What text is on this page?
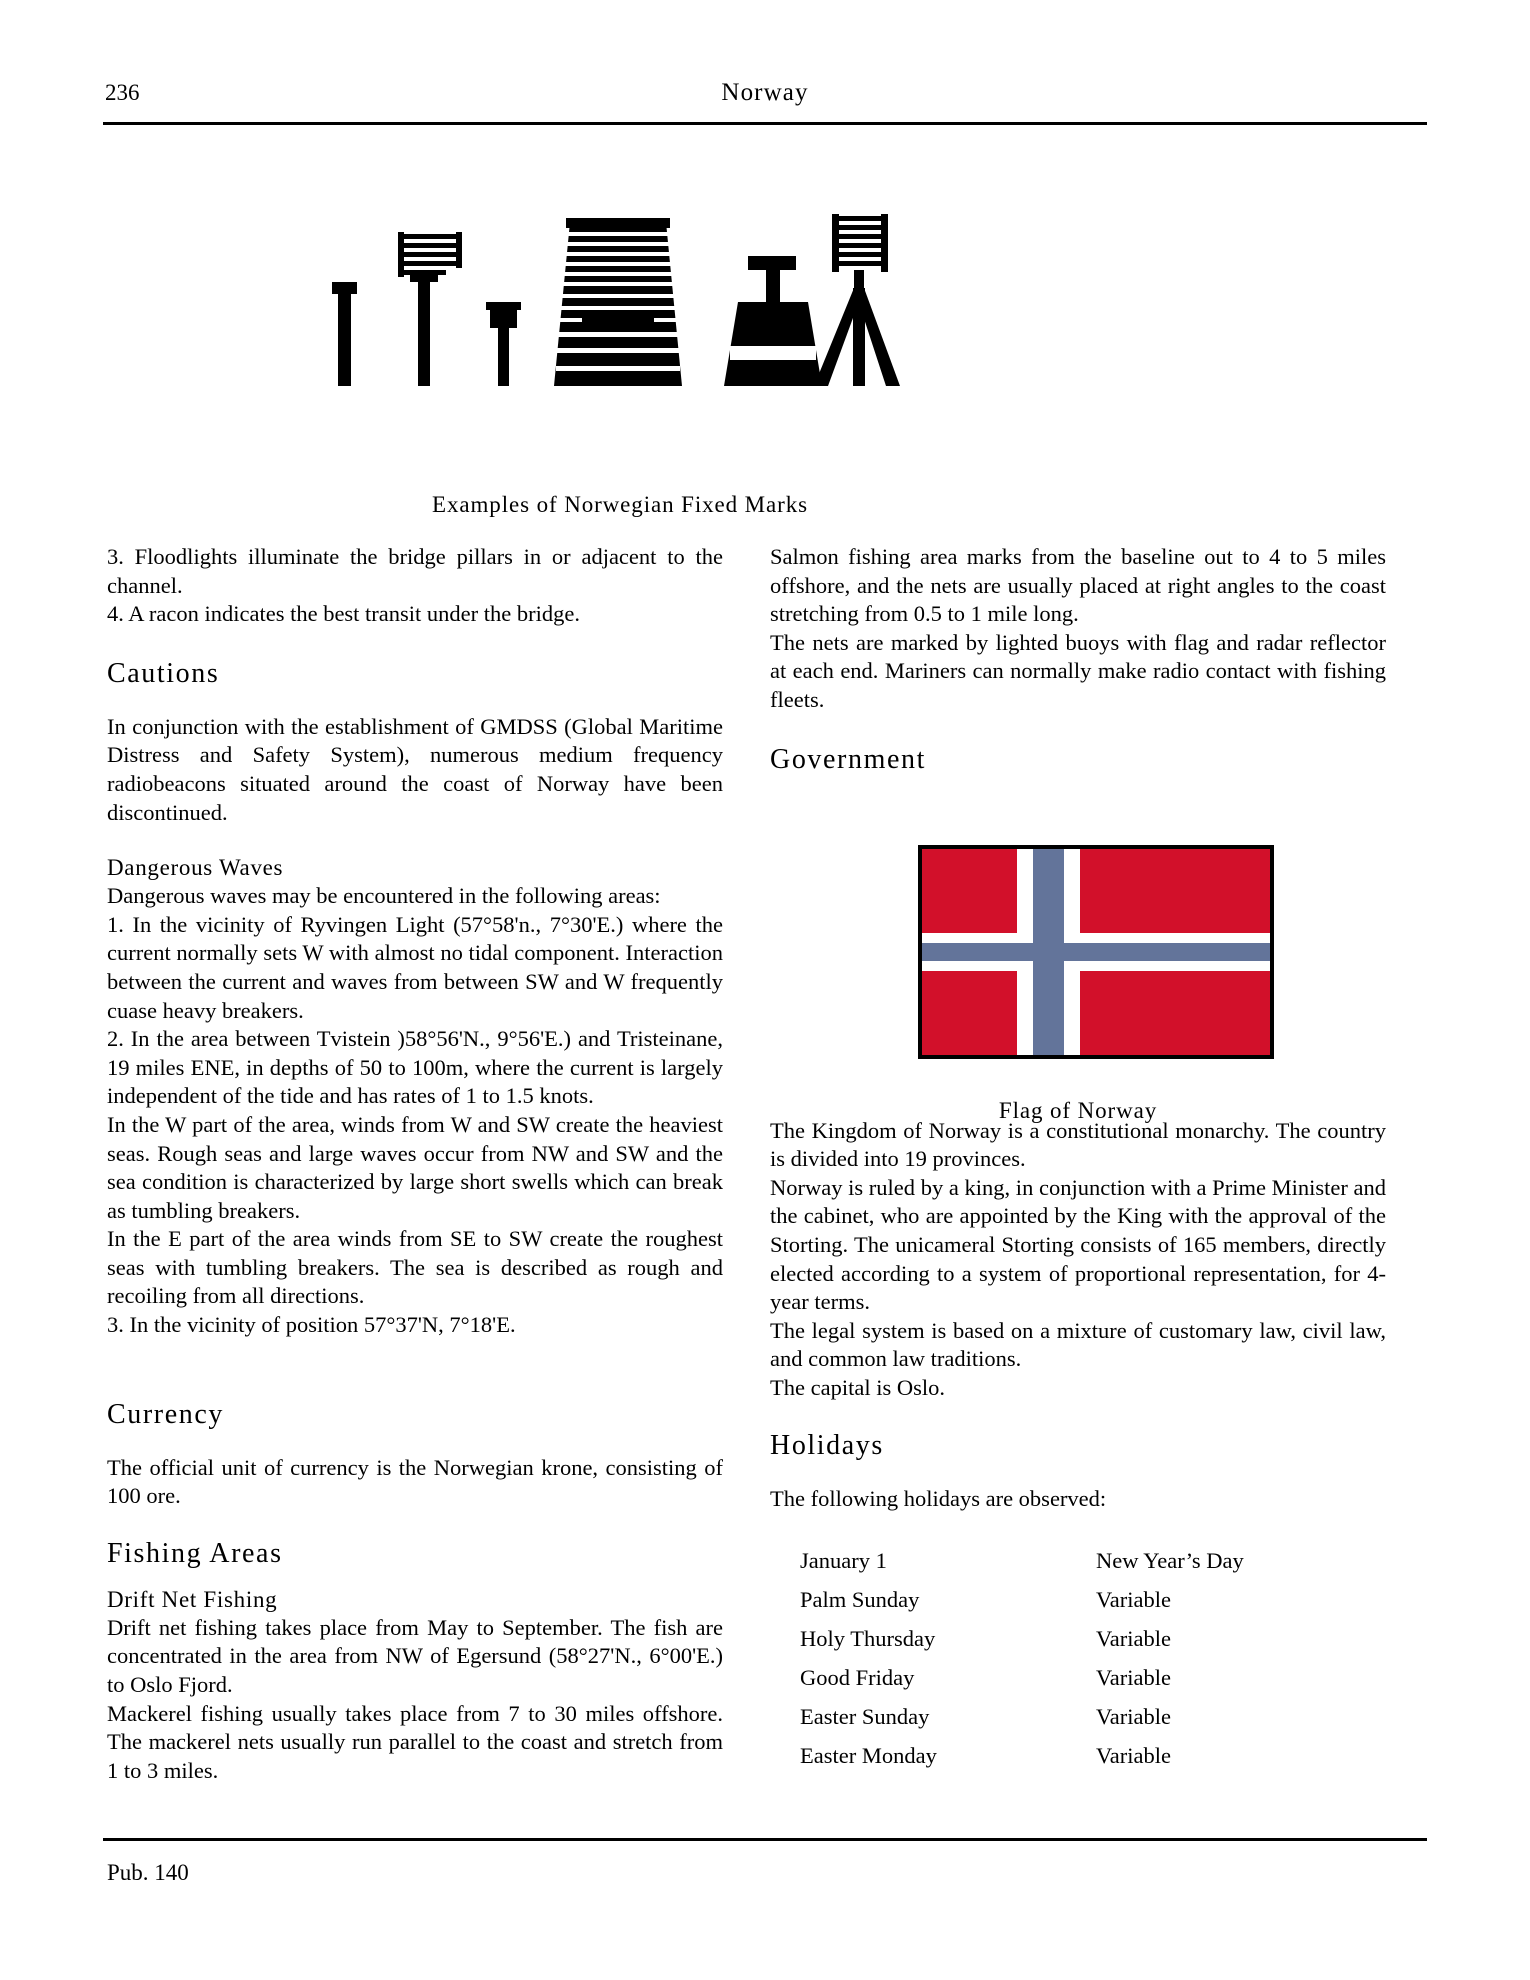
236	Norway
Examples of Norwegian Fixed Marks

3. Floodlights illuminate the bridge pillars in or adjacent to the channel.

4. A racon indicates the best transit under the bridge.

Cautions

In conjunction with the establishment of GMDSS (Global Maritime Distress and Safety System), numerous medium frequency radiobeacons situated around the coast of Norway have been discontinued.

Dangerous Waves

Dangerous waves may be encountered in the following areas:

1. In the vicinity of Ryvingen Light (57°58'n., 7°30'E.) where the current normally sets W with almost no tidal component. Interaction between the current and waves from between SW and W frequently cuase heavy breakers.

2. In the area between Tvistein )58°56'N., 9°56'E.) and Tristeinane, 19 miles ENE, in depths of 50 to 100m, where the current is largely independent of the tide and has rates of 1 to 1.5 knots.

In the W part of the area, winds from W and SW create the heaviest seas. Rough seas and large waves occur from NW and SW and the sea condition is characterized by large short swells which can break as tumbling breakers.

In the E part of the area winds from SE to SW create the roughest seas with tumbling breakers. The sea is described as rough and recoiling from all directions.

3. In the vicinity of position 57°37'N, 7°18'E.

Currency

The official unit of currency is the Norwegian krone, consisting of 100 ore.

Fishing Areas
Drift Net Fishing

Drift net fishing takes place from May to September. The fish are concentrated in the area from NW of Egersund (58°27'N., 6°00'E.) to Oslo Fjord.

Mackerel fishing usually takes place from 7 to 30 miles offshore. The mackerel nets usually run parallel to the coast and stretch from 1 to 3 miles.

Salmon fishing area marks from the baseline out to 4 to 5 miles offshore, and the nets are usually placed at right angles to the coast stretching from 0.5 to 1 mile long.

The nets are marked by lighted buoys with flag and radar reflector at each end. Mariners can normally make radio contact with fishing fleets.

Government

The Kingdom of Norway is a constitutional monarchy. The country is divided into 19 provinces.

Norway is ruled by a king, in conjunction with a Prime Minister and the cabinet, who are appointed by the King with the approval of the Storting. The unicameral Storting consists of 165 members, directly elected according to a system of proportional representation, for 4-year terms.

The legal system is based on a mixture of customary law, civil law, and common law traditions.

The capital is Oslo.

Holidays

The following holidays are observed:

Flag of Norway
January 1	New Year’s Day
Palm Sunday	Variable
Holy Thursday	Variable
Good Friday	Variable
Easter Sunday	Variable
Easter Monday	Variable
Pub. 140
